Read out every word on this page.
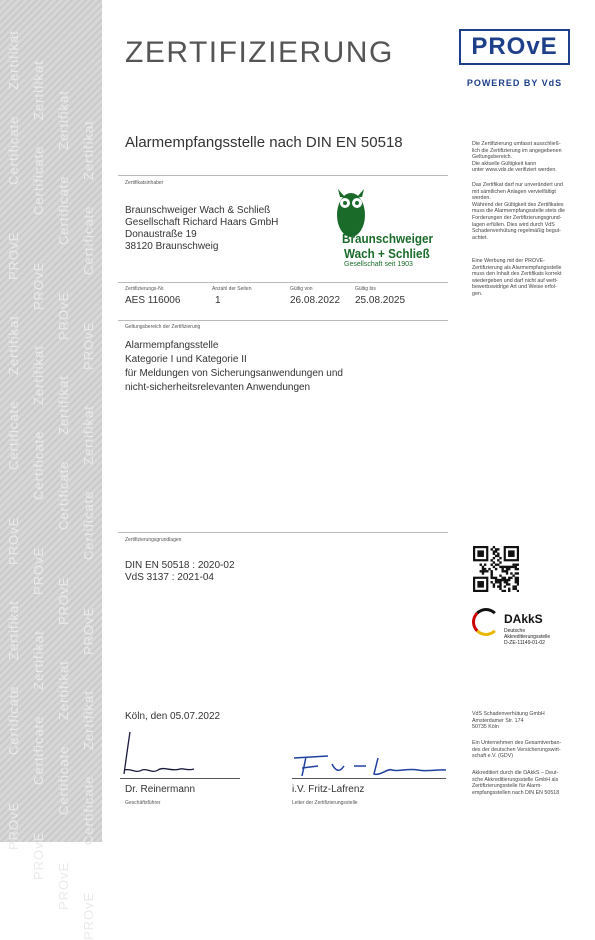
Zertifikat
Certificate
PROvE
Zertifikat
Certificate
PROvE
Zertifikat
Certificate
PROvE
Zertifikat
Certificate
PROvE
Zertifikat
Certificate
PROvE
Zertifikat
Certificate
PROvE
Zertifikat
Certificate
PROvE
Zertifikat
Certificate
PROvE
Zertifikat
Certificate
PROvE
Zertifikat
Certificate
PROvE
Zertifikat
Certificate
PROvE
Zertifikat
Certificate
PROvE
ZERTIFIZIERUNG	PROvE
POWERED BY VdS
Alarmempfangsstelle nach DIN EN 50518
Zertifikatsinhaber
Braunschweiger Wach & Schließ
Gesellschaft Richard Haars GmbH
Donaustraße 19
38120 Braunschweig
Braunschweiger
Wach + Schließ
Gesellschaft seit 1903
Zertifizierungs-Nr.	Anzahl der Seiten	Gültig von	Gültig bis
AES 116006	1	26.08.2022 25.08.2025
Geltungsbereich der Zertifizierung
Alarmempfangsstelle
Kategorie I und Kategorie II
für Meldungen von Sicherungsanwendungen und
nicht-sicherheitsrelevanten Anwendungen
Zertifizierungsgrundlagen
DIN EN 50518 : 2020-02
VdS 3137 : 2021-04
Köln, den 05.07.2022
Dr. Reinermann	i.V. Fritz-Lafrenz
Geschäftsführer	Leiter der Zertifizierungsstelle
Die Zertifizierung umfasst ausschließ-
lich die Zertifizierung im angegebenen
Geltungsbereich.
Die aktuelle Gültigkeit kann
unter www.vds.de verifiziert werden.
Das Zertifikat darf nur unverändert und
mit sämtlichen Anlagen vervielfältigt
werden.
Während der Gültigkeit des Zertifikates
muss die Alarmempfangsstelle stets die
Forderungen der Zertifizierungsgrund-
lagen erfüllen. Dies wird durch VdS
Schadenverhütung regelmäßig begut-
achtet.
Eine Werbung mit der PROVE-
Zertifizierung als Alarmempfangsstelle
muss den Inhalt des Zertifikats korrekt
wiedergeben und darf nicht auf wett-
bewerbswidrige Art und Weise erfol-
gen.
DAkkS
Deutsche
Akkreditierungsstelle
D-ZE-11149-01-02
VdS Schadenverhütung GmbH
Amsterdamer Str. 174
50735 Köln
Ein Unternehmen des Gesamtverban-
des der deutschen Versicherungswirt-
schaft e.V. (GDV)
Akkreditiert durch die DAkkS – Deut-
sche Akkreditierungsstelle GmbH als
Zertifizierungsstelle für Alarm-
empfangsstellen nach DIN EN 50518
